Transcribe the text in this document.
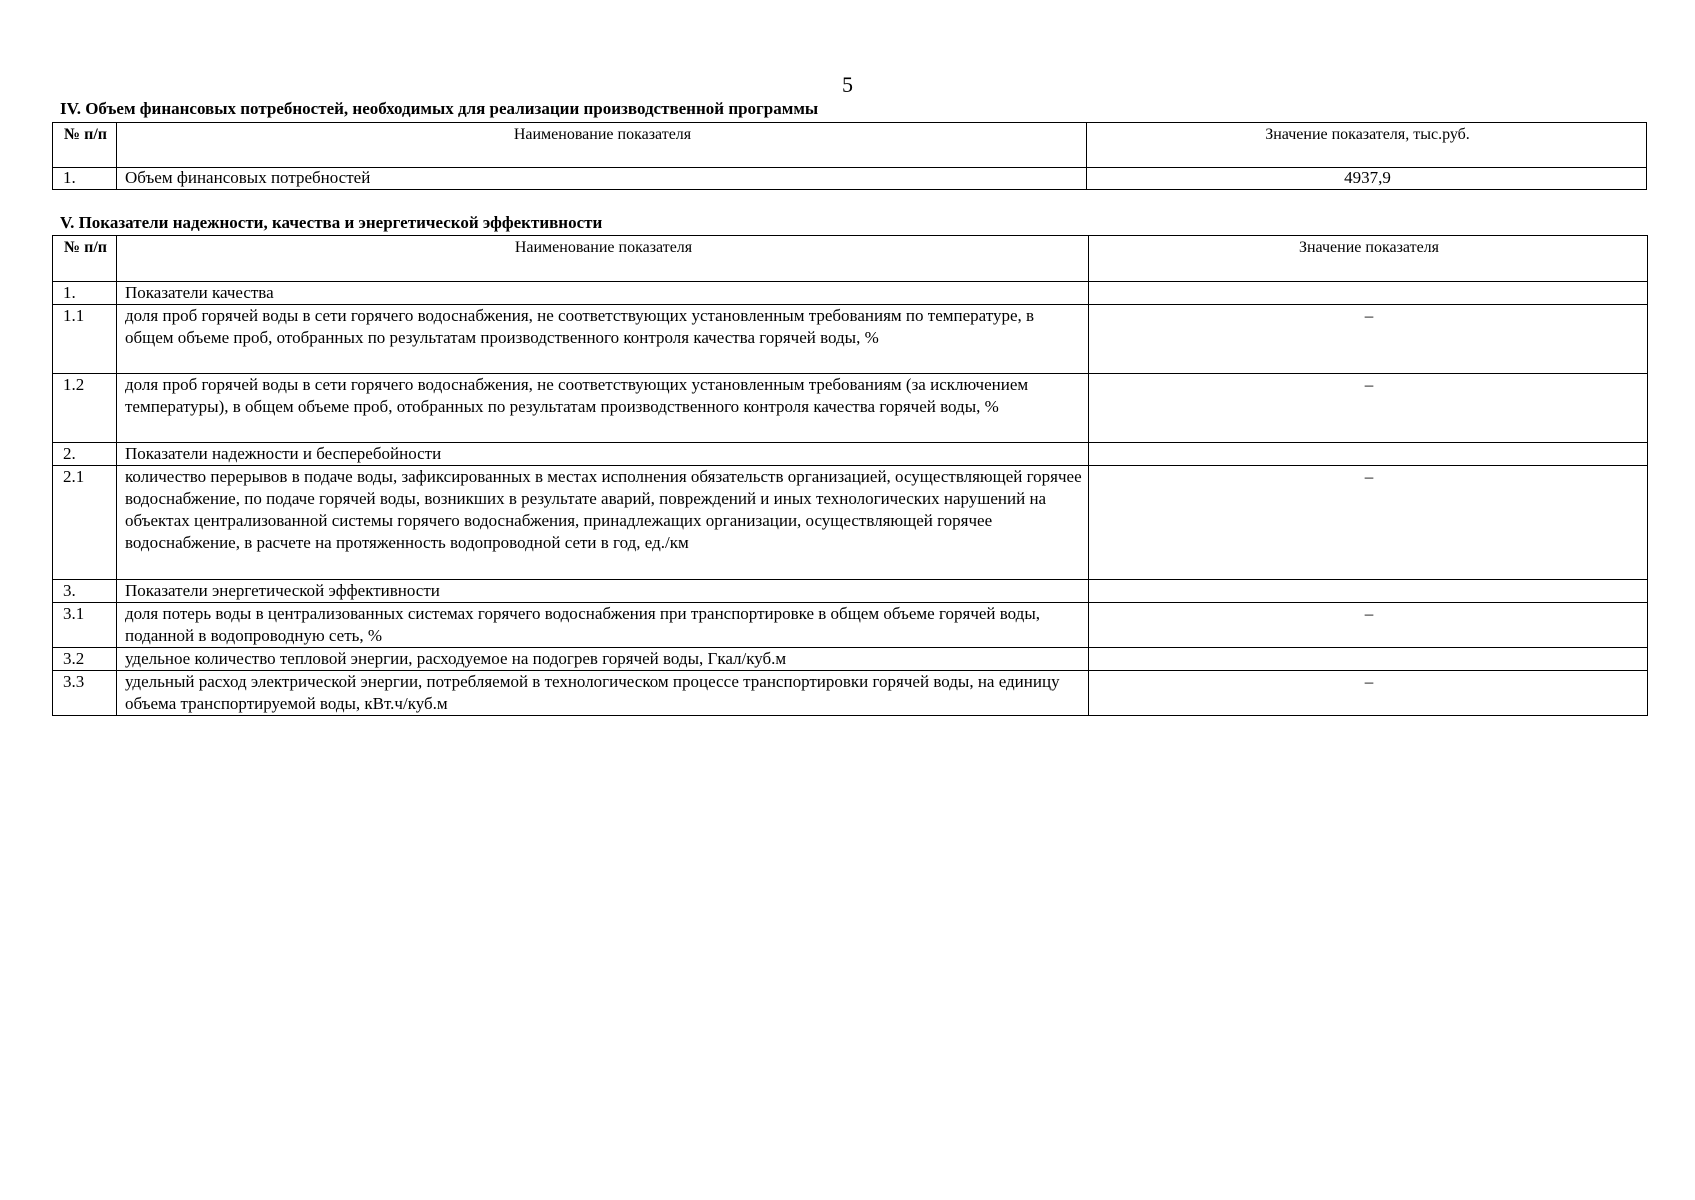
5
IV. Объем финансовых потребностей, необходимых для реализации производственной программы
№ п/п	Наименование показателя	Значение показателя, тыс.руб.
1.	Объем финансовых потребностей	4937,9
V. Показатели надежности, качества и энергетической эффективности
№ п/п	Наименование показателя	Значение показателя
1.	Показатели качества	
1.1	доля проб горячей воды в сети горячего водоснабжения, не соответствующих установленным требованиям по температуре, в общем объеме проб, отобранных по результатам производственного контроля качества горячей воды, %	–
1.2	доля проб горячей воды в сети горячего водоснабжения, не соответствующих установленным требованиям (за исключением температуры), в общем объеме проб, отобранных по результатам производственного контроля качества горячей воды, %	–
2.	Показатели надежности и бесперебойности	
2.1	количество перерывов в подаче воды, зафиксированных в местах исполнения обязательств организацией, осуществляющей горячее водоснабжение, по подаче горячей воды, возникших в результате аварий, повреждений и иных технологических нарушений на объектах централизованной системы горячего водоснабжения, принадлежащих организации, осуществляющей горячее водоснабжение, в расчете на протяженность водопроводной сети в год, ед./км	–
3.	Показатели энергетической эффективности	
3.1	доля потерь воды в централизованных системах горячего водоснабжения при транспортировке в общем объеме горячей воды, поданной в водопроводную сеть, %	–
3.2	удельное количество тепловой энергии, расходуемое на подогрев горячей воды, Гкал/куб.м	
3.3	удельный расход электрической энергии, потребляемой в технологическом процессе транспортировки горячей воды, на единицу объема транспортируемой воды, кВт.ч/куб.м	–
